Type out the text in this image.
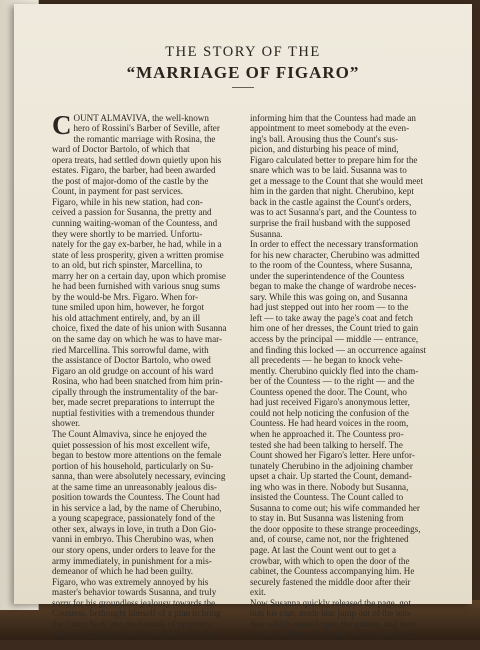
THE STORY OF THE
“MARRIAGE OF FIGARO”

COUNT ALMAVIVA, the well-known

hero of Rossini's Barber of Seville, after
the romantic marriage with Rosina, the
ward of Doctor Bartolo, of which that
opera treats, had settled down quietly upon his
estates. Figaro, the barber, had been awarded
the post of major-domo of the castle by the
Count, in payment for past services.
Figaro, while in his new station, had con-
ceived a passion for Susanna, the pretty and
cunning waiting-woman of the Countess, and
they were shortly to be married. Unfortu-
nately for the gay ex-barber, he had, while in a
state of less prosperity, given a written promise
to an old, but rich spinster, Marcellina, to
marry her on a certain day, upon which promise
he had been furnished with various snug sums
by the would-be Mrs. Figaro. When for-
tune smiled upon him, however, he forgot
his old attachment entirely, and, by an ill
choice, fixed the date of his union with Susanna
on the same day on which he was to have mar-
ried Marcellina. This sorrowful dame, with
the assistance of Doctor Bartolo, who owed
Figaro an old grudge on account of his ward
Rosina, who had been snatched from him prin-
cipally through the instrumentality of the bar-
ber, made secret preparations to interrupt the
nuptial festivities with a tremendous thunder
shower.
The Count Almaviva, since he enjoyed the
quiet possession of his most excellent wife,
began to bestow more attentions on the female
portion of his household, particularly on Su-
sanna, than were absolutely necessary, evincing
at the same time an unreasonably jealous dis-
position towards the Countess. The Count had
in his service a lad, by the name of Cherubino,
a young scapegrace, passionately fond of the
other sex, always in love, in truth a Don Gio-
vanni in embryo. This Cherubino was, when
our story opens, under orders to leave for the
army immediately, in punishment for a mis-
demeanor of which he had been guilty.
Figaro, who was extremely annoyed by his
master's behavior towards Susanna, and truly
sorry for his groundless jealousy towards the
Countess, bethought himself of a plan to bring
the Count back into the bounds of propriety.
In the first place he sent a letter to the Count,

informing him that the Countess had made an
appointment to meet somebody at the even-
ing's ball. Arousing thus the Count's sus-
picion, and disturbing his peace of mind,
Figaro calculated better to prepare him for the
snare which was to be laid. Susanna was to
get a message to the Count that she would meet
him in the garden that night. Cherubino, kept
back in the castle against the Count's orders,
was to act Susanna's part, and the Countess to
surprise the frail husband with the supposed
Susanna.
In order to effect the necessary transformation
for his new character, Cherubino was admitted
to the room of the Countess, where Susanna,
under the superintendence of the Countess
began to make the change of wardrobe neces-
sary. While this was going on, and Susanna
had just stepped out into her room — to the
left — to take away the page's coat and fetch
him one of her dresses, the Count tried to gain
access by the principal — middle — entrance,
and finding this locked — an occurrence against
all precedents — he began to knock vehe-
mently. Cherubino quickly fled into the cham-
ber of the Countess — to the right — and the
Countess opened the door. The Count, who
had just received Figaro's anonymous letter,
could not help noticing the confusion of the
Countess. He had heard voices in the room,
when he approached it. The Countess pro-
tested she had been talking to herself. The
Count showed her Figaro's letter. Here unfor-
tunately Cherubino in the adjoining chamber
upset a chair. Up started the Count, demand-
ing who was in there. Nobody but Susanna,
insisted the Countess. The Count called to
Susanna to come out; his wife commanded her
to stay in. But Susanna was listening from
the door opposite to these strange proceedings,
and, of course, came not, nor the frightened
page. At last the Count went out to get a
crowbar, with which to open the door of the
cabinet, the Countess accompanying him. He
securely fastened the middle door after their
exit.
Now Susanna quickly released the page, got
him his coat, made him jump out of the win-
dow which opened upon the garden, and then
went herself into the chamber just quitted by
